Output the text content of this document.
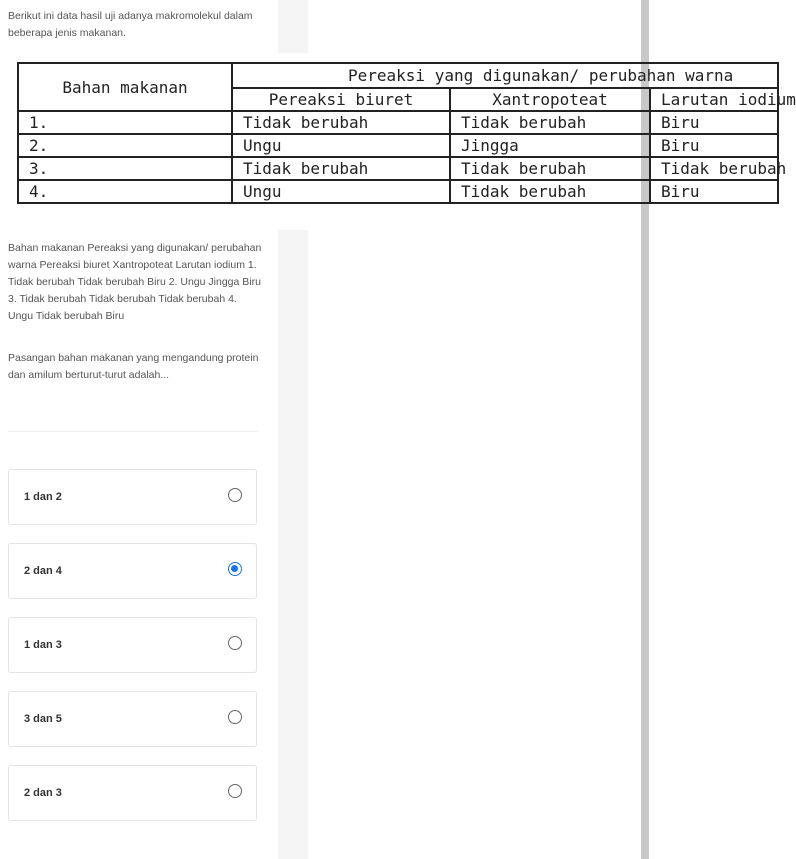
Berikut ini data hasil uji adanya makromolekul dalam beberapa jenis makanan.

Bahan makanan	Pereaksi yang digunakan/ perubahan warna		
	Pereaksi biuret	Xantropoteat	Larutan iodium
1.	Tidak berubah	Tidak berubah	Biru
2.	Ungu	Jingga	Biru
3.	Tidak berubah	Tidak berubah	Tidak berubah
4.	Ungu	Tidak berubah	Biru

Bahan makanan Pereaksi yang digunakan/ perubahan warna Pereaksi biuret Xantropoteat Larutan iodium 1. Tidak berubah Tidak berubah Biru 2. Ungu Jingga Biru 3. Tidak berubah Tidak berubah Tidak berubah 4. Ungu Tidak berubah Biru

Pasangan bahan makanan yang mengandung protein dan amilum berturut-turut adalah...

1 dan 2
2 dan 4
1 dan 3
3 dan 5
2 dan 3
